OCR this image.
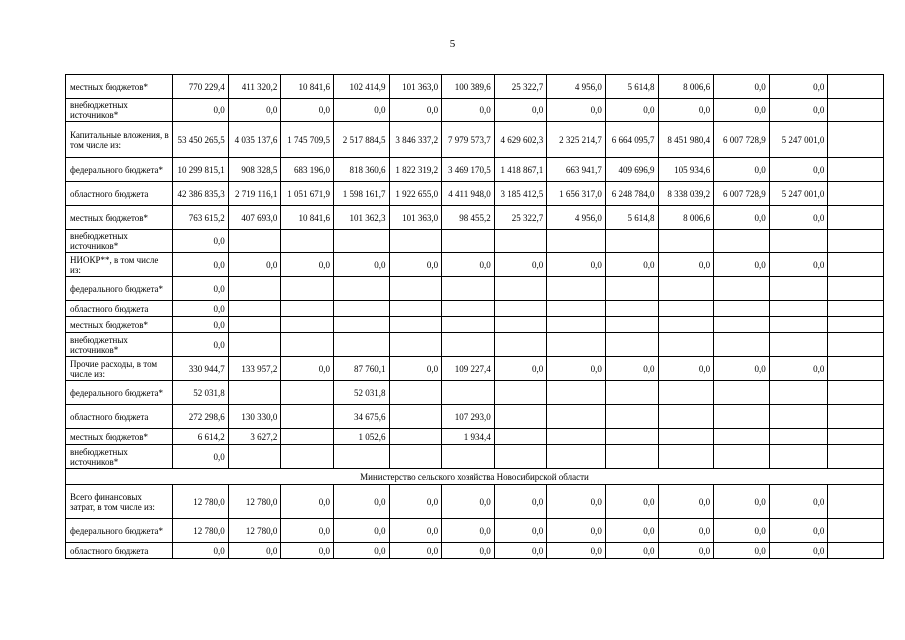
5
местных бюджетов*	770 229,4	411 320,2	10 841,6	102 414,9	101 363,0	100 389,6	25 322,7	4 956,0	5 614,8	8 006,6	0,0	0,0	
внебюджетных источников*	0,0	0,0	0,0	0,0	0,0	0,0	0,0	0,0	0,0	0,0	0,0	0,0	
Капитальные вложения, в том числе из:	53 450 265,5	4 035 137,6	1 745 709,5	2 517 884,5	3 846 337,2	7 979 573,7	4 629 602,3	2 325 214,7	6 664 095,7	8 451 980,4	6 007 728,9	5 247 001,0	
федерального бюджета*	10 299 815,1	908 328,5	683 196,0	818 360,6	1 822 319,2	3 469 170,5	1 418 867,1	663 941,7	409 696,9	105 934,6	0,0	0,0	
областного бюджета	42 386 835,3	2 719 116,1	1 051 671,9	1 598 161,7	1 922 655,0	4 411 948,0	3 185 412,5	1 656 317,0	6 248 784,0	8 338 039,2	6 007 728,9	5 247 001,0	
местных бюджетов*	763 615,2	407 693,0	10 841,6	101 362,3	101 363,0	98 455,2	25 322,7	4 956,0	5 614,8	8 006,6	0,0	0,0	
внебюджетных источников*	0,0												
НИОКР**, в том числе из:	0,0	0,0	0,0	0,0	0,0	0,0	0,0	0,0	0,0	0,0	0,0	0,0	
федерального бюджета*	0,0												
областного бюджета	0,0												
местных бюджетов*	0,0												
внебюджетных источников*	0,0												
Прочие расходы, в том числе из:	330 944,7	133 957,2	0,0	87 760,1	0,0	109 227,4	0,0	0,0	0,0	0,0	0,0	0,0	
федерального бюджета*	52 031,8			52 031,8									
областного бюджета	272 298,6	130 330,0		34 675,6		107 293,0							
местных бюджетов*	6 614,2	3 627,2		1 052,6		1 934,4							
внебюджетных источников*	0,0												
Министерство сельского хозяйства Новосибирской области													
Всего финансовых затрат, в том числе из:	12 780,0	12 780,0	0,0	0,0	0,0	0,0	0,0	0,0	0,0	0,0	0,0	0,0	
федерального бюджета*	12 780,0	12 780,0	0,0	0,0	0,0	0,0	0,0	0,0	0,0	0,0	0,0	0,0	
областного бюджета	0,0	0,0	0,0	0,0	0,0	0,0	0,0	0,0	0,0	0,0	0,0	0,0	
